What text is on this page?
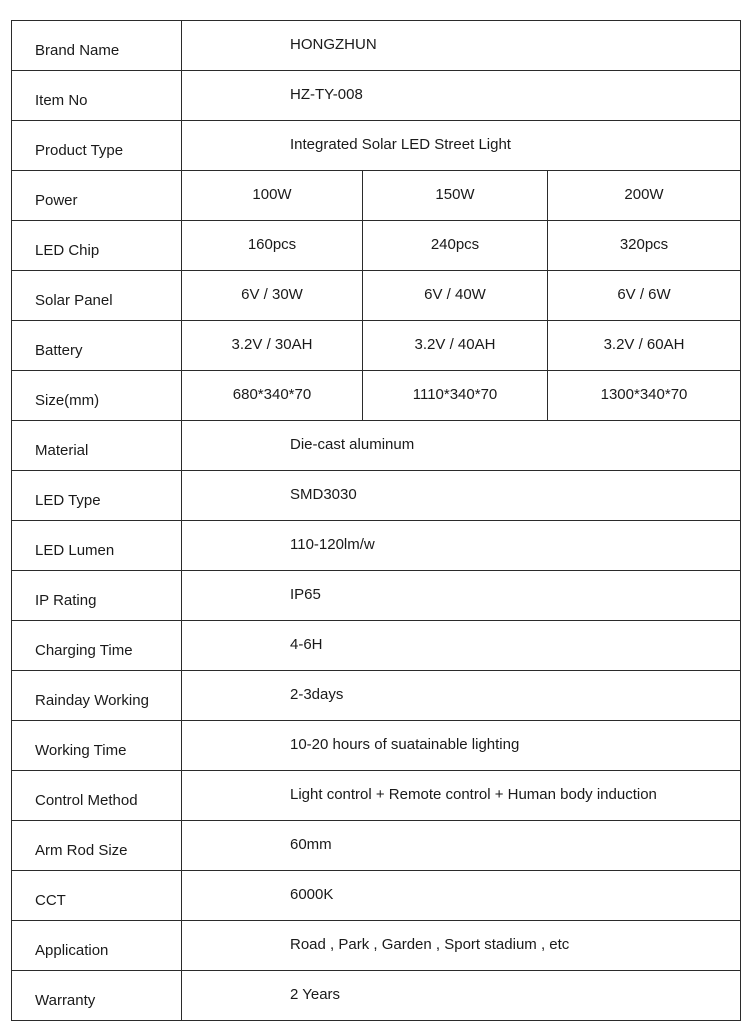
Brand Name	HONGZHUN		
Item No	HZ-TY-008		
Product Type	Integrated Solar LED Street Light		
Power	100W	150W	200W
LED Chip	160pcs	240pcs	320pcs
Solar Panel	6V / 30W	6V / 40W	6V / 6W
Battery	3.2V / 30AH	3.2V / 40AH	3.2V / 60AH
Size(mm)	680*340*70	1110*340*70	1300*340*70
Material	Die-cast aluminum		
LED Type	SMD3030		
LED Lumen	110-120lm/w		
IP Rating	IP65		
Charging Time	4-6H		
Rainday Working	2-3days		
Working Time	10-20 hours of suatainable lighting		
Control Method	Light control + Remote control + Human body induction		
Arm Rod Size	60mm		
CCT	6000K		
Application	Road , Park , Garden , Sport stadium , etc		
Warranty	2 Years		
